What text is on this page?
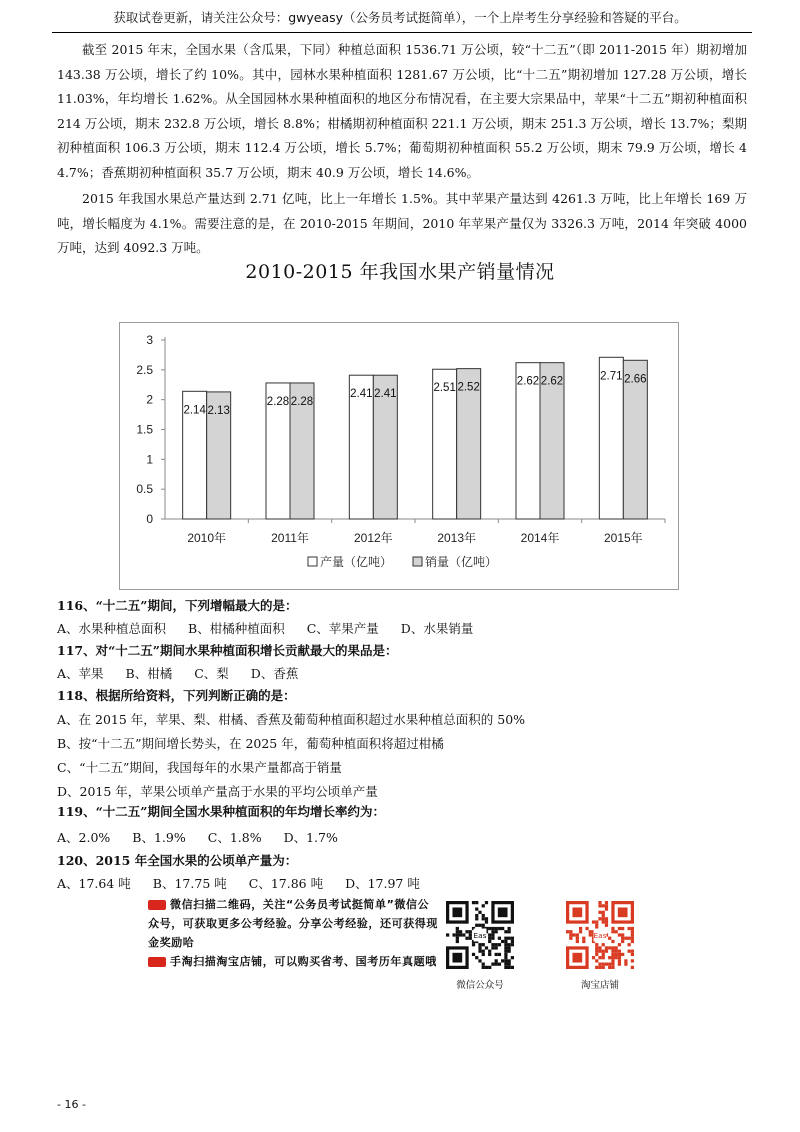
获取试卷更新，请关注公众号：gwyeasy（公务员考试挺简单），一个上岸考生分享经验和答疑的平台。
截至 2015 年末，全国水果（含瓜果，下同）种植总面积 1536.71 万公顷，较“十二五”（即 2011-2015 年）期初增加 143.38 万公顷，增长了约 10%。其中，园林水果种植面积 1281.67 万公顷，比“十二五”期初增加 127.28 万公顷，增长 11.03%，年均增长 1.62%。从全国园林水果种植面积的地区分布情况看，在主要大宗果品中，苹果“十二五”期初种植面积 214 万公顷，期末 232.8 万公顷，增长 8.8%；柑橘期初种植面积 221.1 万公顷，期末 251.3 万公顷，增长 13.7%；梨期初种植面积 106.3 万公顷，期末 112.4 万公顷，增长 5.7%；葡萄期初种植面积 55.2 万公顷，期末 79.9 万公顷，增长 44.7%；香蕉期初种植面积 35.7 万公顷，期末 40.9 万公顷，增长 14.6%。
2015 年我国水果总产量达到 2.71 亿吨，比上一年增长 1.5%。其中苹果产量达到 4261.3 万吨，比上年增长 169 万吨，增长幅度为 4.1%。需要注意的是，在 2010-2015 年期间，2010 年苹果产量仅为 3326.3 万吨，2014 年突破 4000 万吨，达到 4092.3 万吨。
2010-2015 年我国水果产销量情况
0
0.5
1
1.5
2
2.5
3
2010年
2.14 2.13
2011年
2.28 2.28
2012年
2.41 2.41
2013年
2.51 2.52
2014年
2.62 2.62
2015年
2.71 2.66
产量（亿吨）	销量（亿吨）
微信扫描二维码，关注“公务员考试挺简单”微信公众号，可获取更多公考经验。分享公考经验，还可获得现金奖励哈
手淘扫描淘宝店铺，可以购买省考、国考历年真题哦
Eas
微信公众号
Eas
淘宝店铺
- 16 -
116、“十二五”期间，下列增幅最大的是：
A、水果种植总面积 B、柑橘种植面积 C、苹果产量 D、水果销量
117、对“十二五”期间水果种植面积增长贡献最大的果品是：
A、苹果 B、柑橘 C、梨 D、香蕉
118、根据所给资料，下列判断正确的是：
A、在 2015 年，苹果、梨、柑橘、香蕉及葡萄种植面积超过水果种植总面积的 50%
B、按“十二五”期间增长势头，在 2025 年，葡萄种植面积将超过柑橘
C、“十二五”期间，我国每年的水果产量都高于销量
D、2015 年，苹果公顷单产量高于水果的平均公顷单产量
119、“十二五”期间全国水果种植面积的年均增长率约为：
A、2.0% B、1.9% C、1.8% D、1.7%
120、2015 年全国水果的公顷单产量为：
A、17.64 吨 B、17.75 吨 C、17.86 吨 D、17.97 吨
